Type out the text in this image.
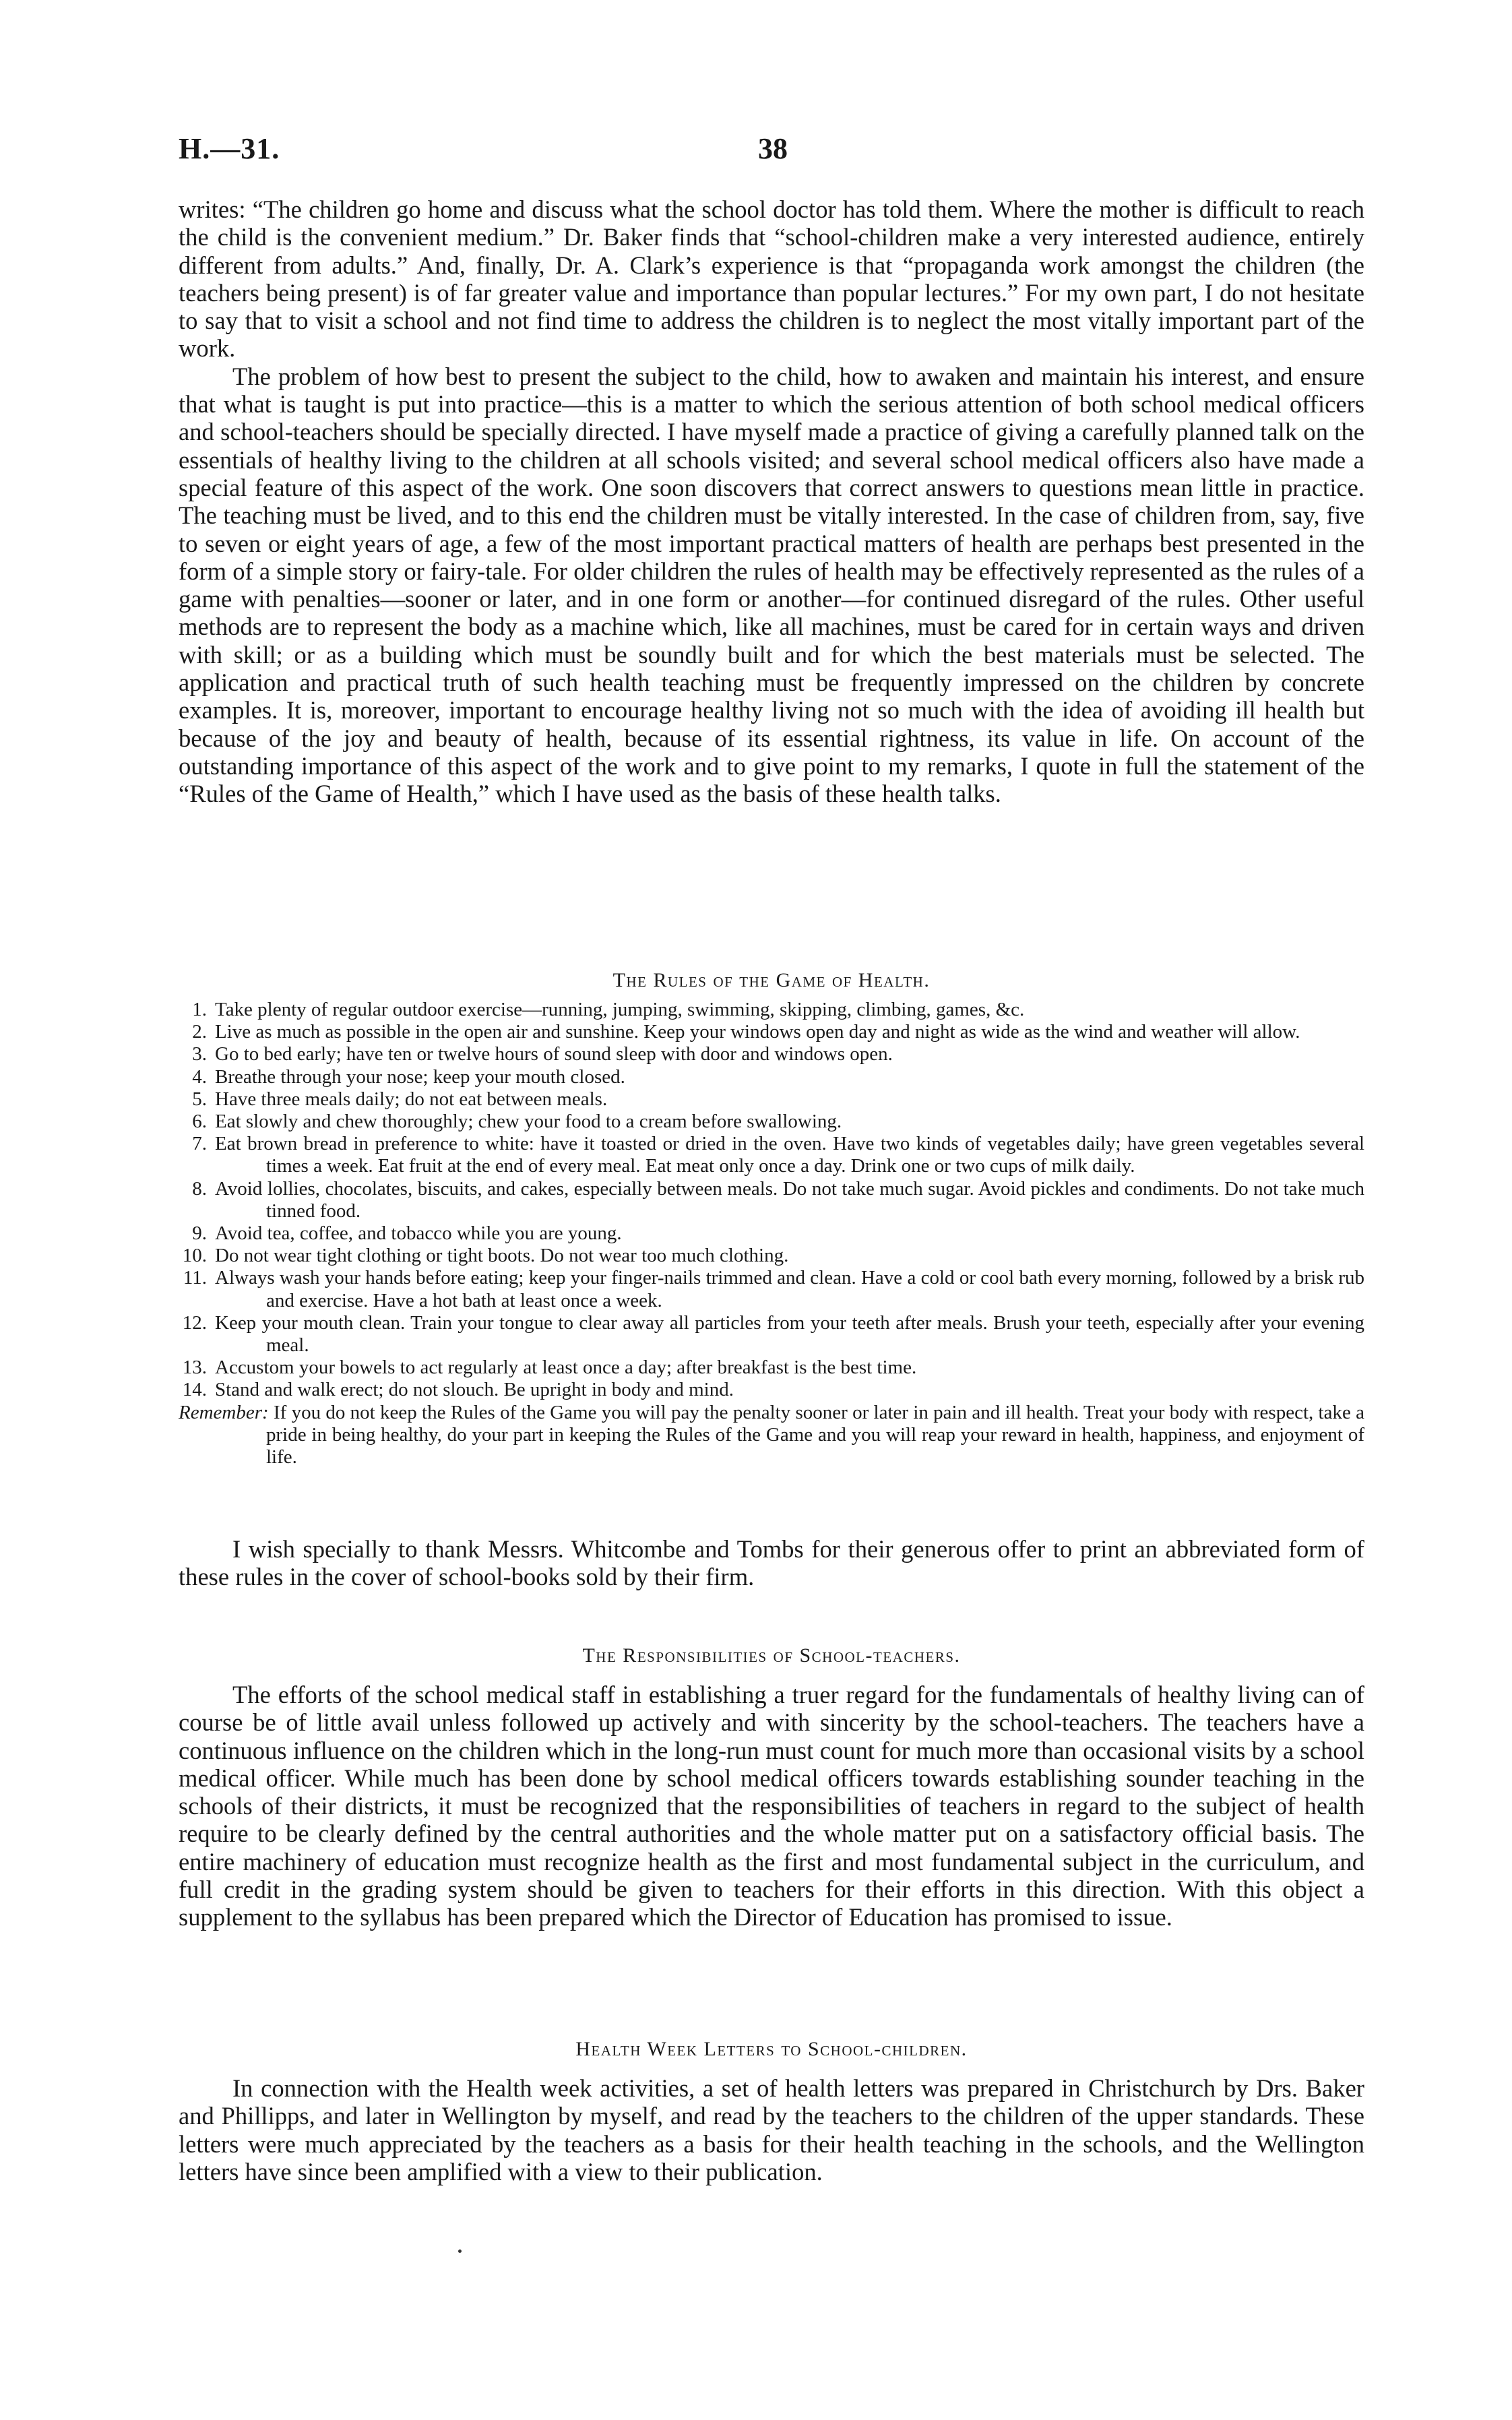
H.—31.	38

writes: “The children go home and discuss what the school doctor has told them. Where the mother is difficult to reach the child is the convenient medium.” Dr. Baker finds that “school-children make a very interested audience, entirely different from adults.” And, finally, Dr. A. Clark’s experience is that “propaganda work amongst the children (the teachers being present) is of far greater value and importance than popular lectures.” For my own part, I do not hesitate to say that to visit a school and not find time to address the children is to neglect the most vitally important part of the work.

The problem of how best to present the subject to the child, how to awaken and maintain his interest, and ensure that what is taught is put into practice—this is a matter to which the serious attention of both school medical officers and school-teachers should be specially directed. I have myself made a practice of giving a carefully planned talk on the essentials of healthy living to the children at all schools visited; and several school medical officers also have made a special feature of this aspect of the work. One soon discovers that correct answers to questions mean little in practice. The teaching must be lived, and to this end the children must be vitally interested. In the case of children from, say, five to seven or eight years of age, a few of the most important practical matters of health are perhaps best presented in the form of a simple story or fairy-tale. For older children the rules of health may be effectively represented as the rules of a game with penalties—sooner or later, and in one form or another—for continued disregard of the rules. Other useful methods are to represent the body as a machine which, like all machines, must be cared for in certain ways and driven with skill; or as a building which must be soundly built and for which the best materials must be selected. The application and practical truth of such health teaching must be frequently impressed on the children by concrete examples. It is, moreover, important to encourage healthy living not so much with the idea of avoiding ill health but because of the joy and beauty of health, because of its essential rightness, its value in life. On account of the outstanding importance of this aspect of the work and to give point to my remarks, I quote in full the statement of the “Rules of the Game of Health,” which I have used as the basis of these health talks.

The Rules of the Game of Health.

1. Take plenty of regular outdoor exercise—running, jumping, swimming, skipping, climbing, games, &c.

2. Live as much as possible in the open air and sunshine. Keep your windows open day and night as wide as the wind and weather will allow.

3. Go to bed early; have ten or twelve hours of sound sleep with door and windows open.

4. Breathe through your nose; keep your mouth closed.

5. Have three meals daily; do not eat between meals.

6. Eat slowly and chew thoroughly; chew your food to a cream before swallowing.

7. Eat brown bread in preference to white: have it toasted or dried in the oven. Have two kinds of vegetables daily; have green vegetables several times a week. Eat fruit at the end of every meal. Eat meat only once a day. Drink one or two cups of milk daily.

8. Avoid lollies, chocolates, biscuits, and cakes, especially between meals. Do not take much sugar. Avoid pickles and condiments. Do not take much tinned food.

9. Avoid tea, coffee, and tobacco while you are young.

10. Do not wear tight clothing or tight boots. Do not wear too much clothing.

11. Always wash your hands before eating; keep your finger-nails trimmed and clean. Have a cold or cool bath every morning, followed by a brisk rub and exercise. Have a hot bath at least once a week.

12. Keep your mouth clean. Train your tongue to clear away all particles from your teeth after meals. Brush your teeth, especially after your evening meal.

13. Accustom your bowels to act regularly at least once a day; after breakfast is the best time.

14. Stand and walk erect; do not slouch. Be upright in body and mind.

Remember: If you do not keep the Rules of the Game you will pay the penalty sooner or later in pain and ill health. Treat your body with respect, take a pride in being healthy, do your part in keeping the Rules of the Game and you will reap your reward in health, happiness, and enjoyment of life.

I wish specially to thank Messrs. Whitcombe and Tombs for their generous offer to print an abbreviated form of these rules in the cover of school-books sold by their firm.

The Responsibilities of School-teachers.

The efforts of the school medical staff in establishing a truer regard for the fundamentals of healthy living can of course be of little avail unless followed up actively and with sincerity by the school-teachers. The teachers have a continuous influence on the children which in the long-run must count for much more than occasional visits by a school medical officer. While much has been done by school medical officers towards establishing sounder teaching in the schools of their districts, it must be recognized that the responsibilities of teachers in regard to the subject of health require to be clearly defined by the central authorities and the whole matter put on a satisfactory official basis. The entire machinery of education must recognize health as the first and most fundamental subject in the curriculum, and full credit in the grading system should be given to teachers for their efforts in this direction. With this object a supplement to the syllabus has been prepared which the Director of Education has promised to issue.

Health Week Letters to School-children.

In connection with the Health week activities, a set of health letters was prepared in Christchurch by Drs. Baker and Phillipps, and later in Wellington by myself, and read by the teachers to the children of the upper standards. These letters were much appreciated by the teachers as a basis for their health teaching in the schools, and the Wellington letters have since been amplified with a view to their publication.
